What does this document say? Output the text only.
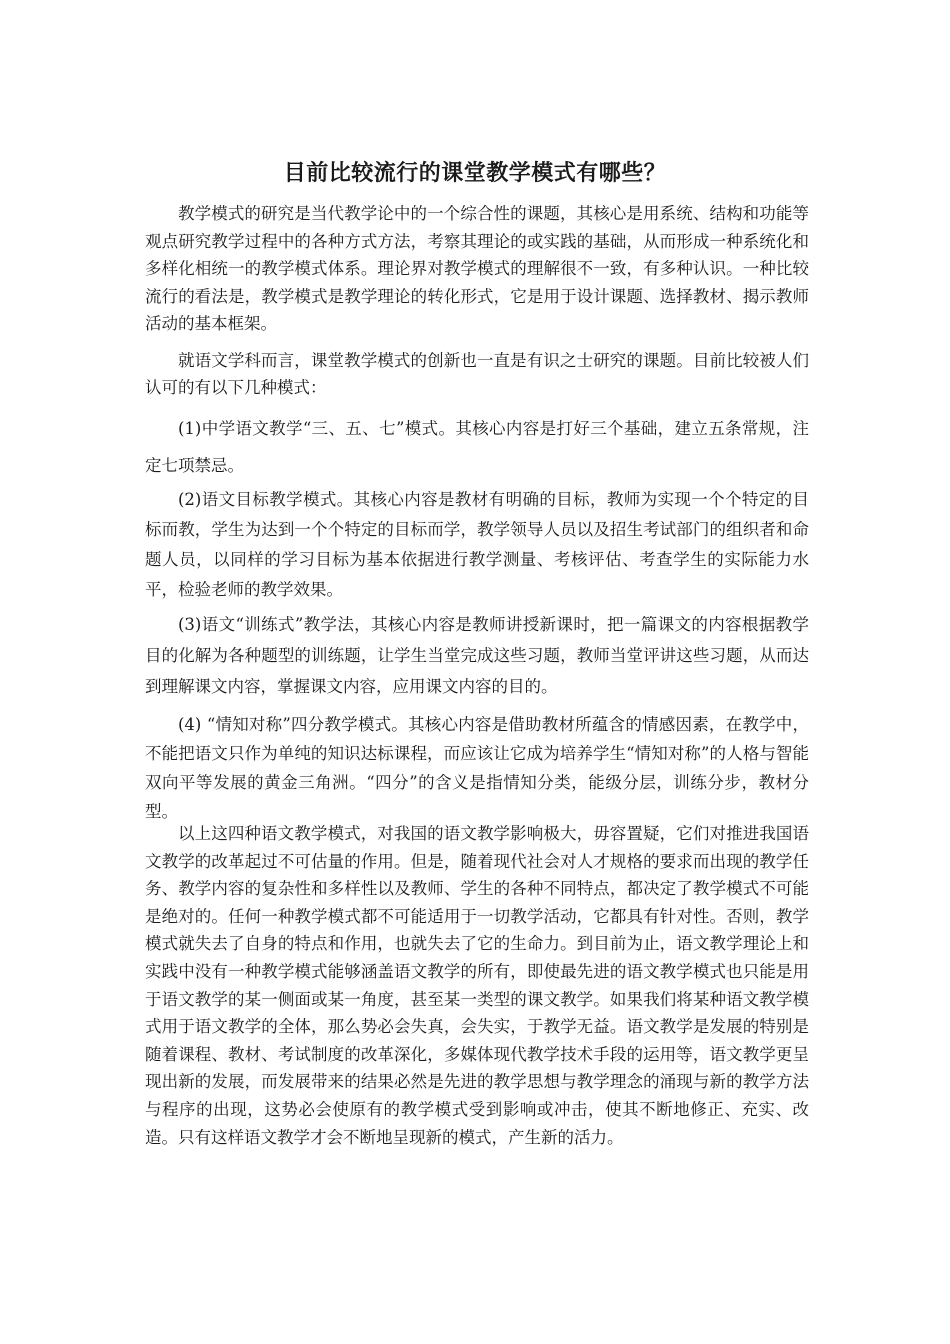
目前比较流行的课堂教学模式有哪些？

教学模式的研究是当代教学论中的一个综合性的课题，其核心是用系统、结构和功能等观点研究教学过程中的各种方式方法，考察其理论的或实践的基础，从而形成一种系统化和多样化相统一的教学模式体系。理论界对教学模式的理解很不一致，有多种认识。一种比较流行的看法是，教学模式是教学理论的转化形式，它是用于设计课题、选择教材、揭示教师活动的基本框架。

就语文学科而言，课堂教学模式的创新也一直是有识之士研究的课题。目前比较被人们认可的有以下几种模式：

(1)中学语文教学“三、五、七”模式。其核心内容是打好三个基础，建立五条常规，注定七项禁忌。

(2)语文目标教学模式。其核心内容是教材有明确的目标，教师为实现一个个特定的目标而教，学生为达到一个个特定的目标而学，教学领导人员以及招生考试部门的组织者和命题人员，以同样的学习目标为基本依据进行教学测量、考核评估、考查学生的实际能力水平，检验老师的教学效果。

(3)语文“训练式”教学法，其核心内容是教师讲授新课时，把一篇课文的内容根据教学目的化解为各种题型的训练题，让学生当堂完成这些习题，教师当堂评讲这些习题，从而达到理解课文内容，掌握课文内容，应用课文内容的目的。

(4) “情知对称”四分教学模式。其核心内容是借助教材所蕴含的情感因素，在教学中，不能把语文只作为单纯的知识达标课程，而应该让它成为培养学生“情知对称”的人格与智能双向平等发展的黄金三角洲。“四分”的含义是指情知分类，能级分层，训练分步，教材分型。

以上这四种语文教学模式，对我国的语文教学影响极大，毋容置疑，它们对推进我国语文教学的改革起过不可估量的作用。但是，随着现代社会对人才规格的要求而出现的教学任务、教学内容的复杂性和多样性以及教师、学生的各种不同特点，都决定了教学模式不可能是绝对的。任何一种教学模式都不可能适用于一切教学活动，它都具有针对性。否则，教学模式就失去了自身的特点和作用，也就失去了它的生命力。到目前为止，语文教学理论上和实践中没有一种教学模式能够涵盖语文教学的所有，即使最先进的语文教学模式也只能是用于语文教学的某一侧面或某一角度，甚至某一类型的课文教学。如果我们将某种语文教学模式用于语文教学的全体，那么势必会失真，会失实，于教学无益。语文教学是发展的特别是随着课程、教材、考试制度的改革深化，多媒体现代教学技术手段的运用等，语文教学更呈现出新的发展，而发展带来的结果必然是先进的教学思想与教学理念的涌现与新的教学方法与程序的出现，这势必会使原有的教学模式受到影响或冲击，使其不断地修正、充实、改造。只有这样语文教学才会不断地呈现新的模式，产生新的活力。
